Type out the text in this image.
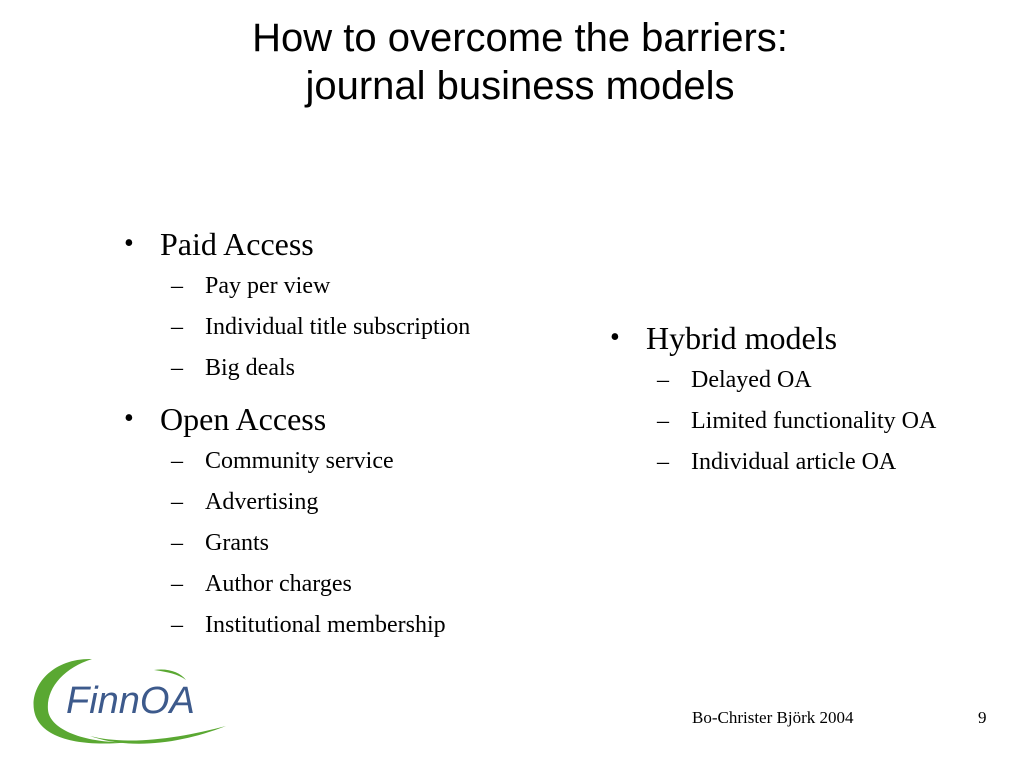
How to overcome the barriers:
journal business models
• Paid Access
– Pay per view
– Individual title subscription
– Big deals
• Open Access
– Community service
– Advertising
– Grants
– Author charges
– Institutional membership
• Hybrid models
– Delayed OA
– Limited functionality OA
– Individual article OA
FinnOA	Bo-Christer Björk 2004	9
